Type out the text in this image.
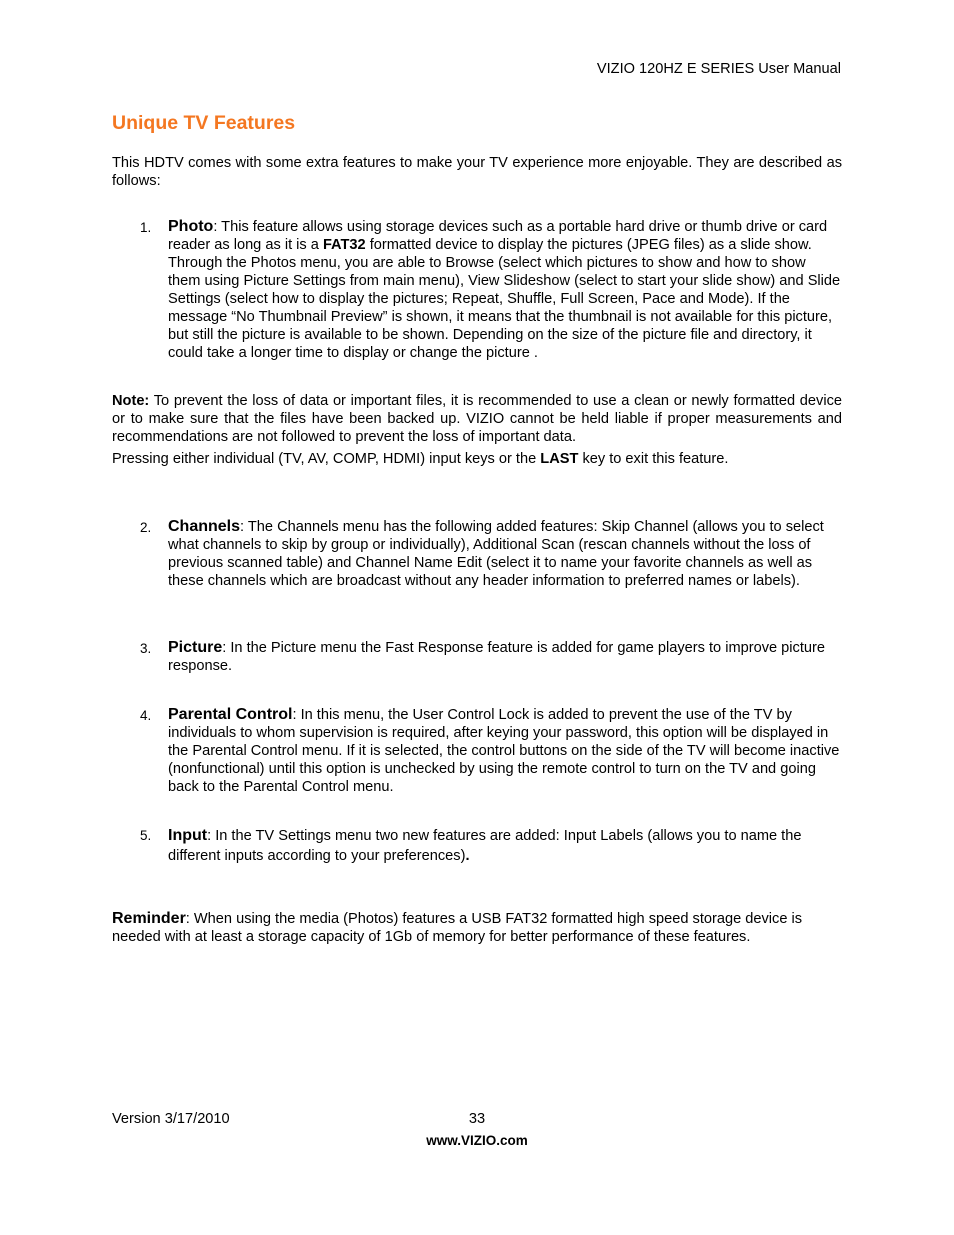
VIZIO 120HZ E SERIES User Manual
Unique TV Features

This HDTV comes with some extra features to make your TV experience more enjoyable. They are described as follows:

1.	Photo: This feature allows using storage devices such as a portable hard drive or thumb drive or card reader as long as it is a FAT32 formatted device to display the pictures (JPEG files) as a slide show. Through the Photos menu, you are able to Browse (select which pictures to show and how to show them using Picture Settings from main menu), View Slideshow (select to start your slide show) and Slide Settings (select how to display the pictures; Repeat, Shuffle, Full Screen, Pace and Mode). If the message “No Thumbnail Preview” is shown, it means that the thumbnail is not available for this picture, but still the picture is available to be shown. Depending on the size of the picture file and directory, it could take a longer time to display or change the picture .

Note: To prevent the loss of data or important files, it is recommended to use a clean or newly formatted device or to make sure that the files have been backed up. VIZIO cannot be held liable if proper measurements and recommendations are not followed to prevent the loss of important data.

Pressing either individual (TV, AV, COMP, HDMI) input keys or the LAST key to exit this feature.

2.	Channels: The Channels menu has the following added features: Skip Channel (allows you to select what channels to skip by group or individually), Additional Scan (rescan channels without the loss of previous scanned table) and Channel Name Edit (select it to name your favorite channels as well as these channels which are broadcast without any header information to preferred names or labels).
3.	Picture: In the Picture menu the Fast Response feature is added for game players to improve picture response.
4.	Parental Control: In this menu, the User Control Lock is added to prevent the use of the TV by individuals to whom supervision is required, after keying your password, this option will be displayed in the Parental Control menu. If it is selected, the control buttons on the side of the TV will become inactive (nonfunctional) until this option is unchecked by using the remote control to turn on the TV and going back to the Parental Control menu.
5.	Input: In the TV Settings menu two new features are added: Input Labels (allows you to name the different inputs according to your preferences).

Reminder: When using the media (Photos) features a USB FAT32 formatted high speed storage device is needed with at least a storage capacity of 1Gb of memory for better performance of these features.

Version 3/17/2010	33
www.VIZIO.com
